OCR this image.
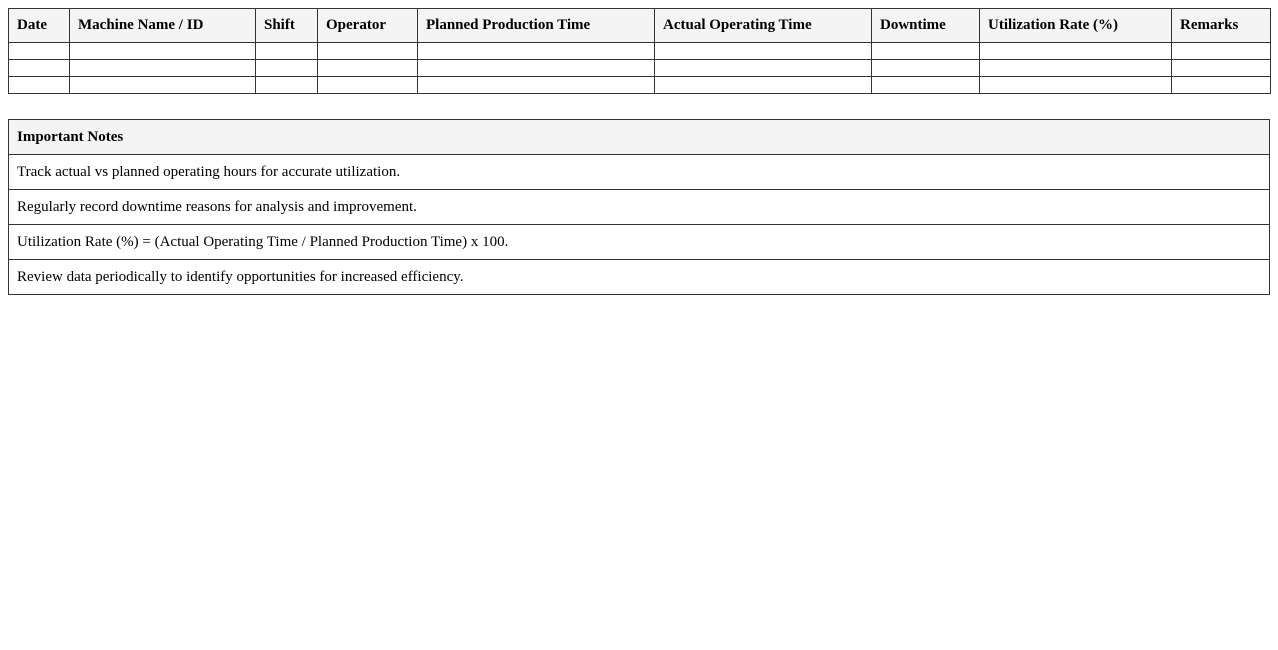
Date	Machine Name / ID	Shift	Operator	Planned Production Time	Actual Operating Time	Downtime	Utilization Rate (%)	Remarks

Important Notes
Track actual vs planned operating hours for accurate utilization.
Regularly record downtime reasons for analysis and improvement.
Utilization Rate (%) = (Actual Operating Time / Planned Production Time) x 100.
Review data periodically to identify opportunities for increased efficiency.
